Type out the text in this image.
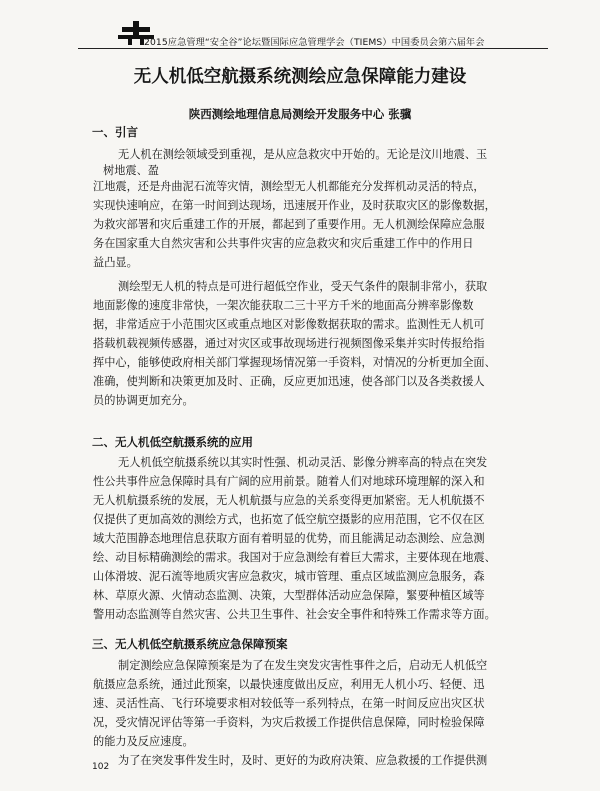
2015应急管理“安全谷”论坛暨国际应急管理学会（TIEMS）中国委员会第六届年会
无人机低空航摄系统测绘应急保障能力建设
陕西测绘地理信息局测绘开发服务中心 张骥
一、引言
无人机在测绘领域受到重视，是从应急救灾中开始的。无论是汶川地震、玉
树地震、盈
江地震，还是舟曲泥石流等灾情，测绘型无人机都能充分发挥机动灵活的特点，
实现快速响应，在第一时间到达现场，迅速展开作业，及时获取灾区的影像数据，
为救灾部署和灾后重建工作的开展，都起到了重要作用。无人机测绘保障应急服
务在国家重大自然灾害和公共事件灾害的应急救灾和灾后重建工作中的作用日
益凸显。
测绘型无人机的特点是可进行超低空作业，受天气条件的限制非常小，获取
地面影像的速度非常快，一架次能获取二三十平方千米的地面高分辨率影像数
据，非常适应于小范围灾区或重点地区对影像数据获取的需求。监测性无人机可
搭载机载视频传感器，通过对灾区或事故现场进行视频图像采集并实时传报给指
挥中心，能够使政府相关部门掌握现场情况第一手资料，对情况的分析更加全面、
准确，使判断和决策更加及时、正确，反应更加迅速，使各部门以及各类救援人
员的协调更加充分。
二、无人机低空航摄系统的应用
无人机低空航摄系统以其实时性强、机动灵活、影像分辨率高的特点在突发
性公共事件应急保障时具有广阔的应用前景。随着人们对地球环境理解的深入和
无人机航摄系统的发展，无人机航摄与应急的关系变得更加紧密。无人机航摄不
仅提供了更加高效的测绘方式，也拓宽了低空航空摄影的应用范围，它不仅在区
域大范围静态地理信息获取方面有着明显的优势，而且能满足动态测绘、应急测
绘、动目标精确测绘的需求。我国对于应急测绘有着巨大需求，主要体现在地震、
山体滑坡、泥石流等地质灾害应急救灾，城市管理、重点区域监测应急服务，森
林、草原火源、火情动态监测、决策，大型群体活动应急保障，緊要种植区域等
警用动态监测等自然灾害、公共卫生事件、社会安全事件和特殊工作需求等方面。
三、无人机低空航摄系统应急保障预案
制定测绘应急保障预案是为了在发生突发灾害性事件之后，启动无人机低空
航摄应急系统，通过此预案，以最快速度做出反应，利用无人机小巧、轻便、迅
速、灵活性高、飞行环境要求相对较低等一系列特点，在第一时间反应出灾区状
况，受灾情况评估等第一手资料，为灾后救援工作提供信息保障，同时检验保障
的能力及反应速度。
为了在突发事件发生时，及时、更好的为政府决策、应急救援的工作提供测
102
